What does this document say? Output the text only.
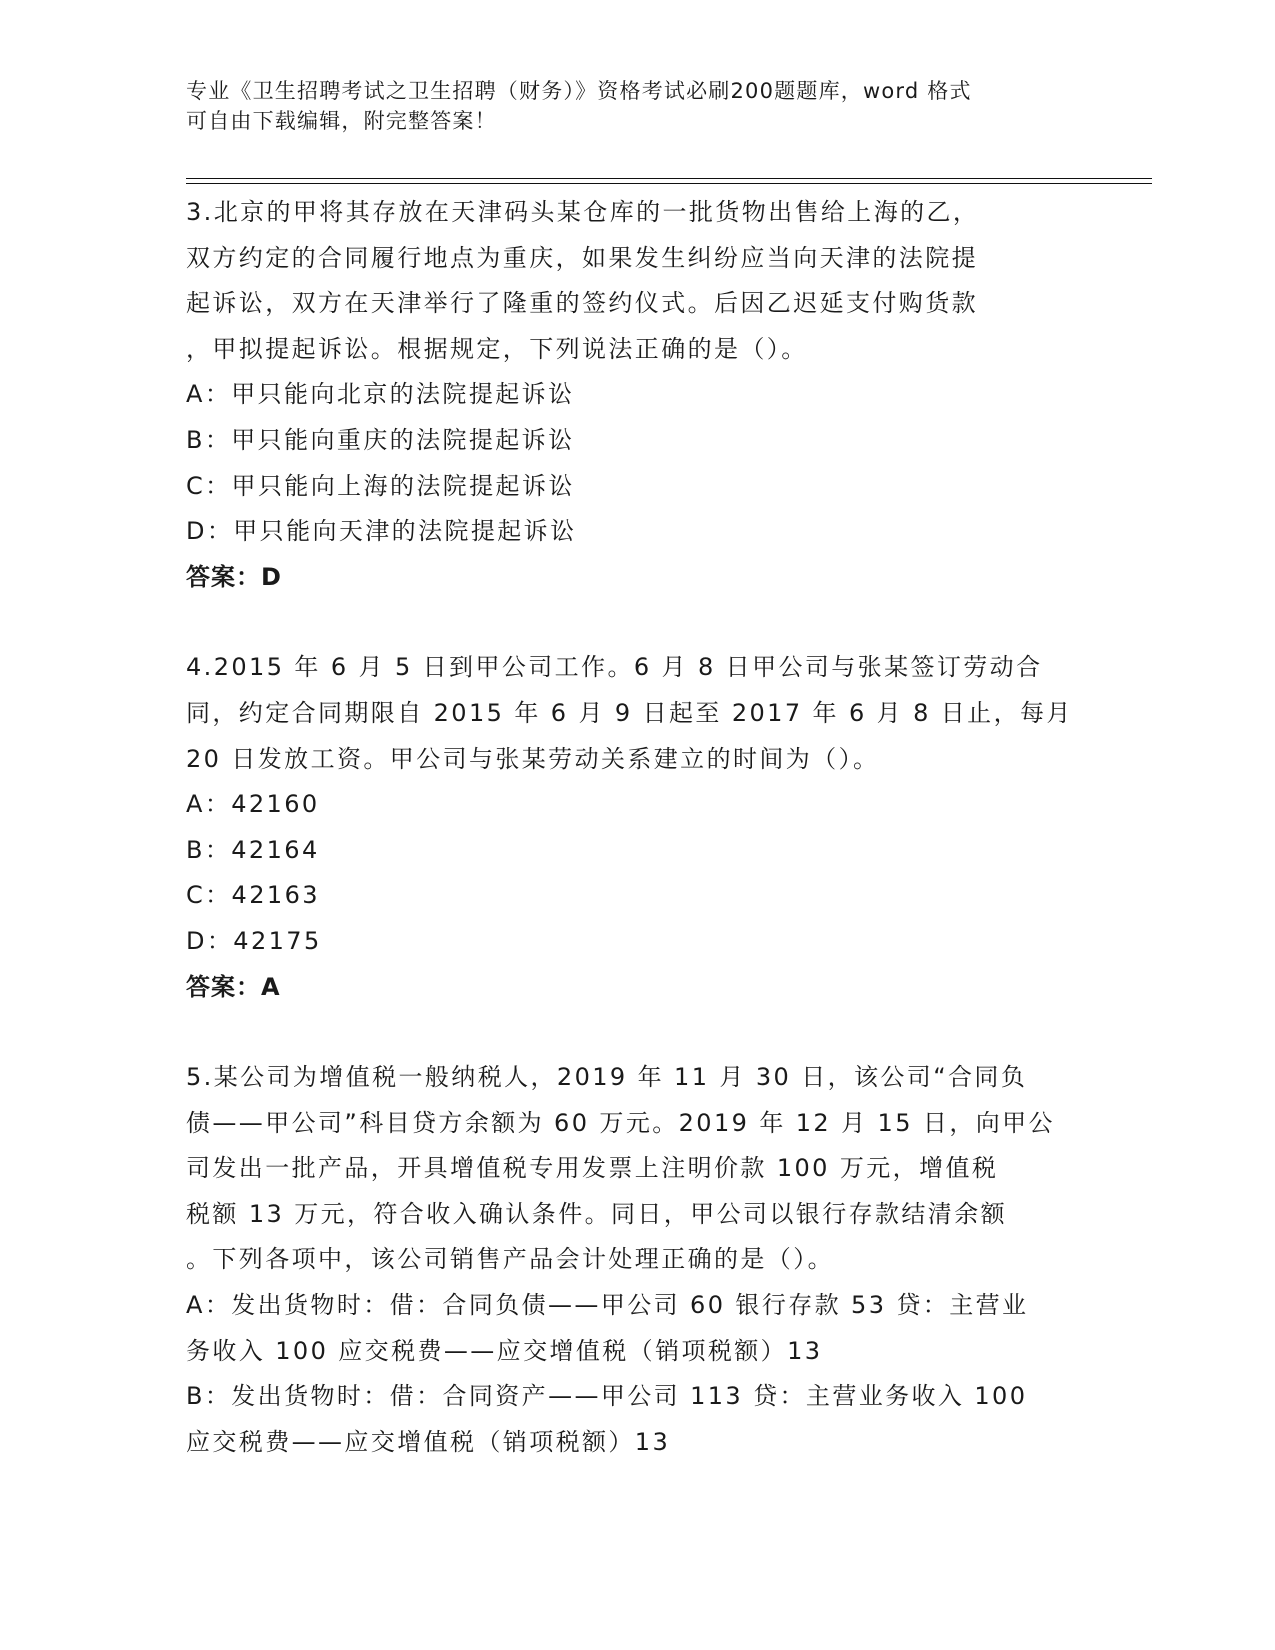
专业《卫生招聘考试之卫生招聘（财务）》资格考试必刷200题题库，word 格式
可自由下载编辑，附完整答案！
3.北京的甲将其存放在天津码头某仓库的一批货物出售给上海的乙，
双方约定的合同履行地点为重庆，如果发生纠纷应当向天津的法院提
起诉讼，双方在天津举行了隆重的签约仪式。后因乙迟延支付购货款
，甲拟提起诉讼。根据规定，下列说法正确的是（）。
A：甲只能向北京的法院提起诉讼
B：甲只能向重庆的法院提起诉讼
C：甲只能向上海的法院提起诉讼
D：甲只能向天津的法院提起诉讼
答案：D
4.2015 年 6 月 5 日到甲公司工作。6 月 8 日甲公司与张某签订劳动合
同，约定合同期限自 2015 年 6 月 9 日起至 2017 年 6 月 8 日止，每月
20 日发放工资。甲公司与张某劳动关系建立的时间为（）。
A：42160
B：42164
C：42163
D：42175
答案：A
5.某公司为增值税一般纳税人，2019 年 11 月 30 日，该公司“合同负
债——甲公司”科目贷方余额为 60 万元。2019 年 12 月 15 日，向甲公
司发出一批产品，开具增值税专用发票上注明价款 100 万元，增值税
税额 13 万元，符合收入确认条件。同日，甲公司以银行存款结清余额
。下列各项中，该公司销售产品会计处理正确的是（）。
A：发出货物时：借：合同负债——甲公司 60 银行存款 53 贷：主营业
务收入 100 应交税费——应交增值税（销项税额）13
B：发出货物时：借：合同资产——甲公司 113 贷：主营业务收入 100
应交税费——应交增值税（销项税额）13
